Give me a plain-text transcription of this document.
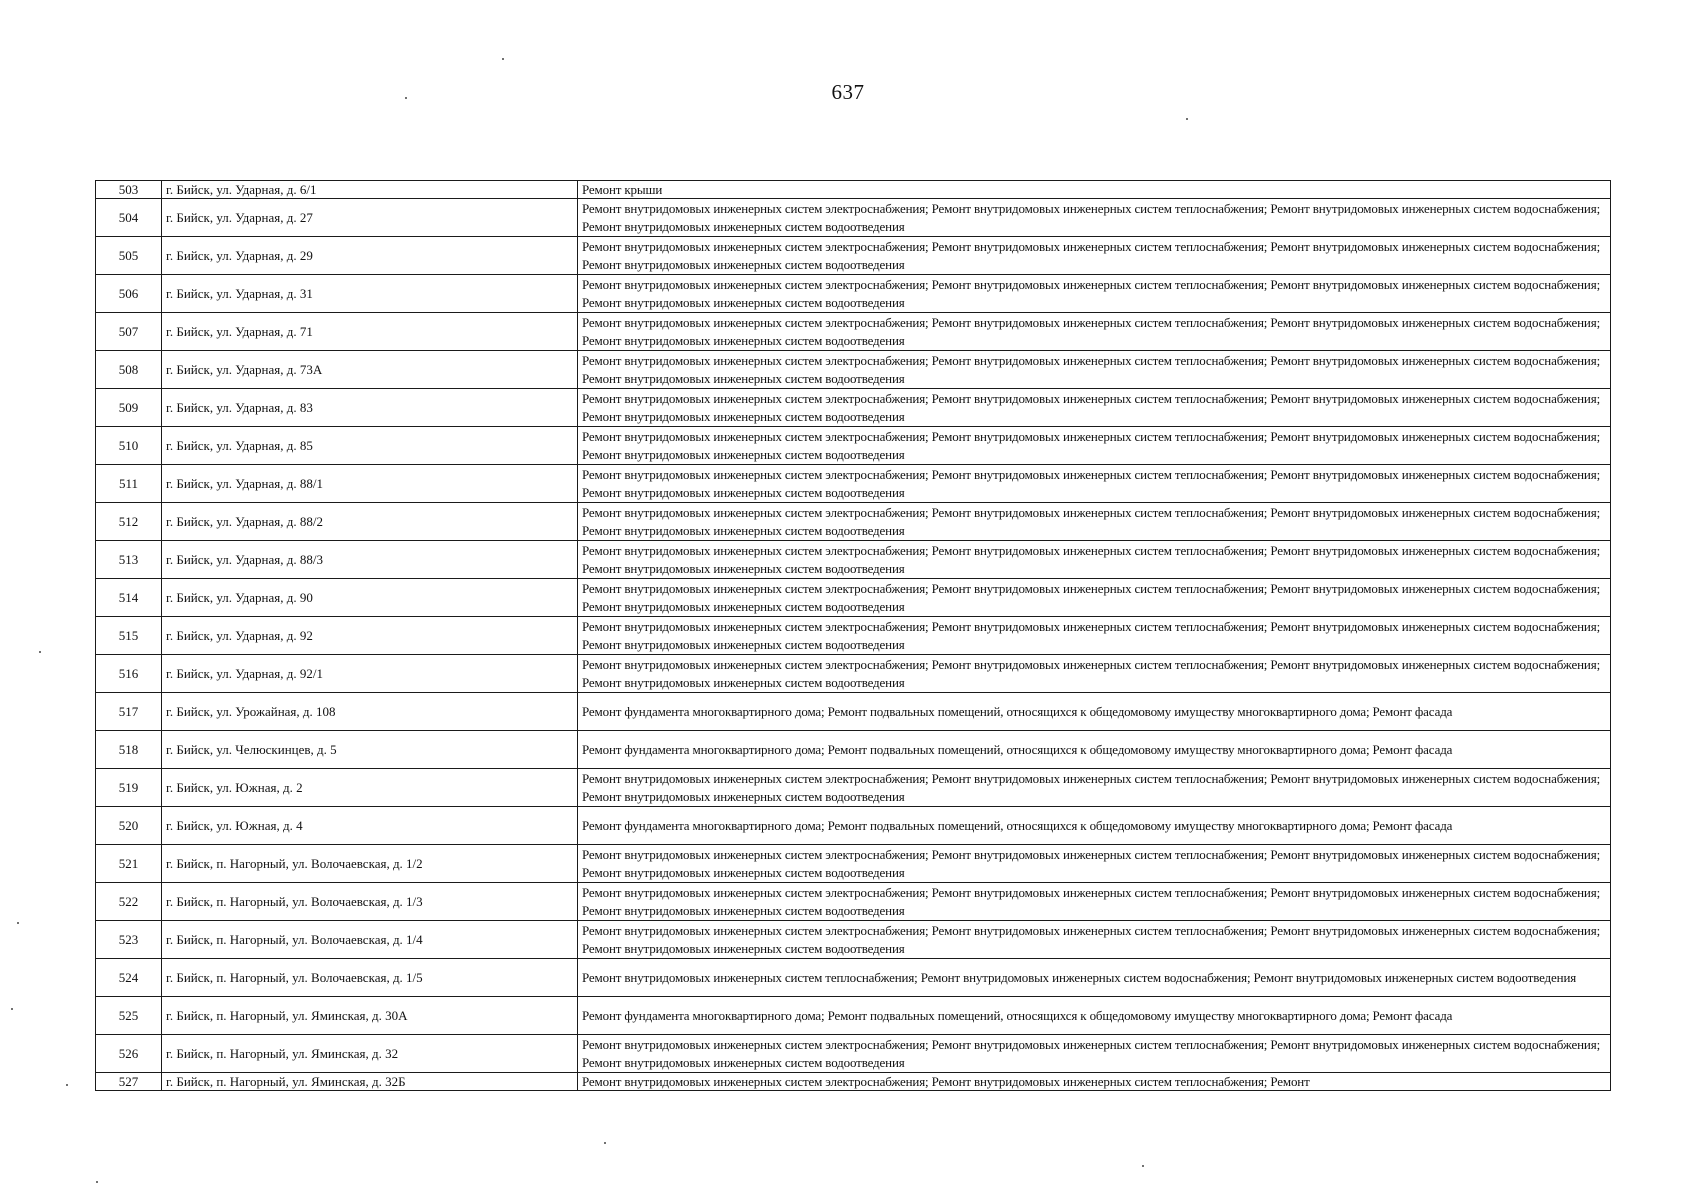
637
503	г. Бийск, ул. Ударная, д. 6/1	Ремонт крыши
504	г. Бийск, ул. Ударная, д. 27	Ремонт внутридомовых инженерных систем электроснабжения; Ремонт внутридомовых инженерных систем теплоснабжения; Ремонт внутридомовых инженерных систем водоснабжения; Ремонт внутридомовых инженерных систем водоотведения
505	г. Бийск, ул. Ударная, д. 29	Ремонт внутридомовых инженерных систем электроснабжения; Ремонт внутридомовых инженерных систем теплоснабжения; Ремонт внутридомовых инженерных систем водоснабжения; Ремонт внутридомовых инженерных систем водоотведения
506	г. Бийск, ул. Ударная, д. 31	Ремонт внутридомовых инженерных систем электроснабжения; Ремонт внутридомовых инженерных систем теплоснабжения; Ремонт внутридомовых инженерных систем водоснабжения; Ремонт внутридомовых инженерных систем водоотведения
507	г. Бийск, ул. Ударная, д. 71	Ремонт внутридомовых инженерных систем электроснабжения; Ремонт внутридомовых инженерных систем теплоснабжения; Ремонт внутридомовых инженерных систем водоснабжения; Ремонт внутридомовых инженерных систем водоотведения
508	г. Бийск, ул. Ударная, д. 73А	Ремонт внутридомовых инженерных систем электроснабжения; Ремонт внутридомовых инженерных систем теплоснабжения; Ремонт внутридомовых инженерных систем водоснабжения; Ремонт внутридомовых инженерных систем водоотведения
509	г. Бийск, ул. Ударная, д. 83	Ремонт внутридомовых инженерных систем электроснабжения; Ремонт внутридомовых инженерных систем теплоснабжения; Ремонт внутридомовых инженерных систем водоснабжения; Ремонт внутридомовых инженерных систем водоотведения
510	г. Бийск, ул. Ударная, д. 85	Ремонт внутридомовых инженерных систем электроснабжения; Ремонт внутридомовых инженерных систем теплоснабжения; Ремонт внутридомовых инженерных систем водоснабжения; Ремонт внутридомовых инженерных систем водоотведения
511	г. Бийск, ул. Ударная, д. 88/1	Ремонт внутридомовых инженерных систем электроснабжения; Ремонт внутридомовых инженерных систем теплоснабжения; Ремонт внутридомовых инженерных систем водоснабжения; Ремонт внутридомовых инженерных систем водоотведения
512	г. Бийск, ул. Ударная, д. 88/2	Ремонт внутридомовых инженерных систем электроснабжения; Ремонт внутридомовых инженерных систем теплоснабжения; Ремонт внутридомовых инженерных систем водоснабжения; Ремонт внутридомовых инженерных систем водоотведения
513	г. Бийск, ул. Ударная, д. 88/3	Ремонт внутридомовых инженерных систем электроснабжения; Ремонт внутридомовых инженерных систем теплоснабжения; Ремонт внутридомовых инженерных систем водоснабжения; Ремонт внутридомовых инженерных систем водоотведения
514	г. Бийск, ул. Ударная, д. 90	Ремонт внутридомовых инженерных систем электроснабжения; Ремонт внутридомовых инженерных систем теплоснабжения; Ремонт внутридомовых инженерных систем водоснабжения; Ремонт внутридомовых инженерных систем водоотведения
515	г. Бийск, ул. Ударная, д. 92	Ремонт внутридомовых инженерных систем электроснабжения; Ремонт внутридомовых инженерных систем теплоснабжения; Ремонт внутридомовых инженерных систем водоснабжения; Ремонт внутридомовых инженерных систем водоотведения
516	г. Бийск, ул. Ударная, д. 92/1	Ремонт внутридомовых инженерных систем электроснабжения; Ремонт внутридомовых инженерных систем теплоснабжения; Ремонт внутридомовых инженерных систем водоснабжения; Ремонт внутридомовых инженерных систем водоотведения
517	г. Бийск, ул. Урожайная, д. 108	Ремонт фундамента многоквартирного дома; Ремонт подвальных помещений, относящихся к общедомовому имуществу многоквартирного дома; Ремонт фасада
518	г. Бийск, ул. Челюскинцев, д. 5	Ремонт фундамента многоквартирного дома; Ремонт подвальных помещений, относящихся к общедомовому имуществу многоквартирного дома; Ремонт фасада
519	г. Бийск, ул. Южная, д. 2	Ремонт внутридомовых инженерных систем электроснабжения; Ремонт внутридомовых инженерных систем теплоснабжения; Ремонт внутридомовых инженерных систем водоснабжения; Ремонт внутридомовых инженерных систем водоотведения
520	г. Бийск, ул. Южная, д. 4	Ремонт фундамента многоквартирного дома; Ремонт подвальных помещений, относящихся к общедомовому имуществу многоквартирного дома; Ремонт фасада
521	г. Бийск, п. Нагорный, ул. Волочаевская, д. 1/2	Ремонт внутридомовых инженерных систем электроснабжения; Ремонт внутридомовых инженерных систем теплоснабжения; Ремонт внутридомовых инженерных систем водоснабжения; Ремонт внутридомовых инженерных систем водоотведения
522	г. Бийск, п. Нагорный, ул. Волочаевская, д. 1/3	Ремонт внутридомовых инженерных систем электроснабжения; Ремонт внутридомовых инженерных систем теплоснабжения; Ремонт внутридомовых инженерных систем водоснабжения; Ремонт внутридомовых инженерных систем водоотведения
523	г. Бийск, п. Нагорный, ул. Волочаевская, д. 1/4	Ремонт внутридомовых инженерных систем электроснабжения; Ремонт внутридомовых инженерных систем теплоснабжения; Ремонт внутридомовых инженерных систем водоснабжения; Ремонт внутридомовых инженерных систем водоотведения
524	г. Бийск, п. Нагорный, ул. Волочаевская, д. 1/5	Ремонт внутридомовых инженерных систем теплоснабжения; Ремонт внутридомовых инженерных систем водоснабжения; Ремонт внутридомовых инженерных систем водоотведения
525	г. Бийск, п. Нагорный, ул. Яминская, д. 30А	Ремонт фундамента многоквартирного дома; Ремонт подвальных помещений, относящихся к общедомовому имуществу многоквартирного дома; Ремонт фасада
526	г. Бийск, п. Нагорный, ул. Яминская, д. 32	Ремонт внутридомовых инженерных систем электроснабжения; Ремонт внутридомовых инженерных систем теплоснабжения; Ремонт внутридомовых инженерных систем водоснабжения; Ремонт внутридомовых инженерных систем водоотведения
527	г. Бийск, п. Нагорный, ул. Яминская, д. 32Б	Ремонт внутридомовых инженерных систем электроснабжения; Ремонт внутридомовых инженерных систем теплоснабжения; Ремонт
